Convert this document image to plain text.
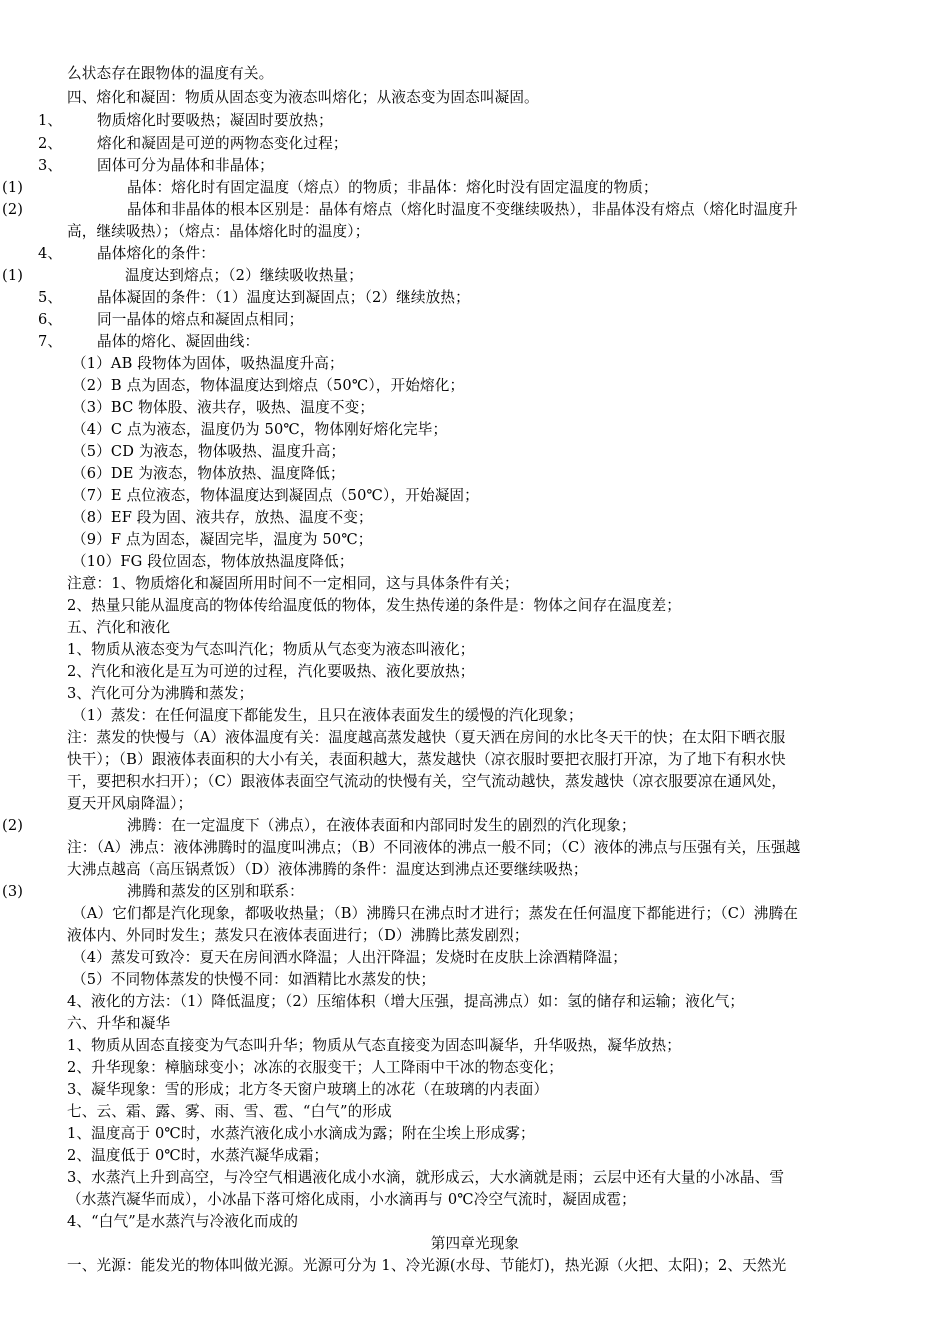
么状态存在跟物体的温度有关。
四、熔化和凝固：物质从固态变为液态叫熔化；从液态变为固态叫凝固。
1、 物质熔化时要吸热；凝固时要放热；
2、 熔化和凝固是可逆的两物态变化过程；
3、 固体可分为晶体和非晶体；
(1)	晶体：熔化时有固定温度（熔点）的物质；非晶体：熔化时没有固定温度的物质；
(2)	晶体和非晶体的根本区别是：晶体有熔点（熔化时温度不变继续吸热），非晶体没有熔点（熔化时温度升
高，继续吸热）；（熔点：晶体熔化时的温度）；
4、 晶体熔化的条件：
(1)	温度达到熔点；（2）继续吸收热量；
5、 晶体凝固的条件：（1）温度达到凝固点；（2）继续放热；
6、 同一晶体的熔点和凝固点相同；
7、 晶体的熔化、凝固曲线：
（1）AB 段物体为固体，吸热温度升高；
（2）B 点为固态，物体温度达到熔点（50℃），开始熔化；
（3）BC 物体股、液共存，吸热、温度不变；
（4）C 点为液态，温度仍为 50℃，物体刚好熔化完毕；
（5）CD 为液态，物体吸热、温度升高；
（6）DE 为液态，物体放热、温度降低；
（7）E 点位液态，物体温度达到凝固点（50℃），开始凝固；
（8）EF 段为固、液共存，放热、温度不变；
（9）F 点为固态，凝固完毕，温度为 50℃；
（10）FG 段位固态，物体放热温度降低；
注意：1、物质熔化和凝固所用时间不一定相同，这与具体条件有关；
2、热量只能从温度高的物体传给温度低的物体，发生热传递的条件是：物体之间存在温度差；
五、汽化和液化
1、物质从液态变为气态叫汽化；物质从气态变为液态叫液化；
2、汽化和液化是互为可逆的过程，汽化要吸热、液化要放热；
3、汽化可分为沸腾和蒸发；
（1）蒸发：在任何温度下都能发生，且只在液体表面发生的缓慢的汽化现象；
注：蒸发的快慢与（A）液体温度有关：温度越高蒸发越快（夏天洒在房间的水比冬天干的快；在太阳下晒衣服
快干）；（B）跟液体表面积的大小有关，表面积越大，蒸发越快（凉衣服时要把衣服打开凉，为了地下有积水快
干，要把积水扫开）；（C）跟液体表面空气流动的快慢有关，空气流动越快，蒸发越快（凉衣服要凉在通风处，
夏天开风扇降温）；
(2)	沸腾：在一定温度下（沸点），在液体表面和内部同时发生的剧烈的汽化现象；
注：（A）沸点：液体沸腾时的温度叫沸点；（B）不同液体的沸点一般不同；（C）液体的沸点与压强有关，压强越
大沸点越高（高压锅煮饭）（D）液体沸腾的条件：温度达到沸点还要继续吸热；
(3)	沸腾和蒸发的区别和联系：
（A）它们都是汽化现象，都吸收热量；（B）沸腾只在沸点时才进行；蒸发在任何温度下都能进行；（C）沸腾在
液体内、外同时发生；蒸发只在液体表面进行；（D）沸腾比蒸发剧烈；
（4）蒸发可致冷：夏天在房间洒水降温；人出汗降温；发烧时在皮肤上涂酒精降温；
（5）不同物体蒸发的快慢不同：如酒精比水蒸发的快；
4、液化的方法：（1）降低温度；（2）压缩体积（增大压强，提高沸点）如：氢的储存和运输；液化气；
六、升华和凝华
1、物质从固态直接变为气态叫升华；物质从气态直接变为固态叫凝华，升华吸热，凝华放热；
2、升华现象：樟脑球变小；冰冻的衣服变干；人工降雨中干冰的物态变化；
3、凝华现象：雪的形成；北方冬天窗户玻璃上的冰花（在玻璃的内表面）
七、云、霜、露、雾、雨、雪、雹、“白气”的形成
1、温度高于 0℃时，水蒸汽液化成小水滴成为露；附在尘埃上形成雾；
2、温度低于 0℃时，水蒸汽凝华成霜；
3、水蒸汽上升到高空，与冷空气相遇液化成小水滴，就形成云，大水滴就是雨；云层中还有大量的小冰晶、雪
（水蒸汽凝华而成），小冰晶下落可熔化成雨，小水滴再与 0℃冷空气流时，凝固成雹；
4、“白气”是水蒸汽与冷液化而成的
第四章光现象
一、光源：能发光的物体叫做光源。光源可分为 1、冷光源(水母、节能灯)，热光源（火把、太阳)；2、天然光
